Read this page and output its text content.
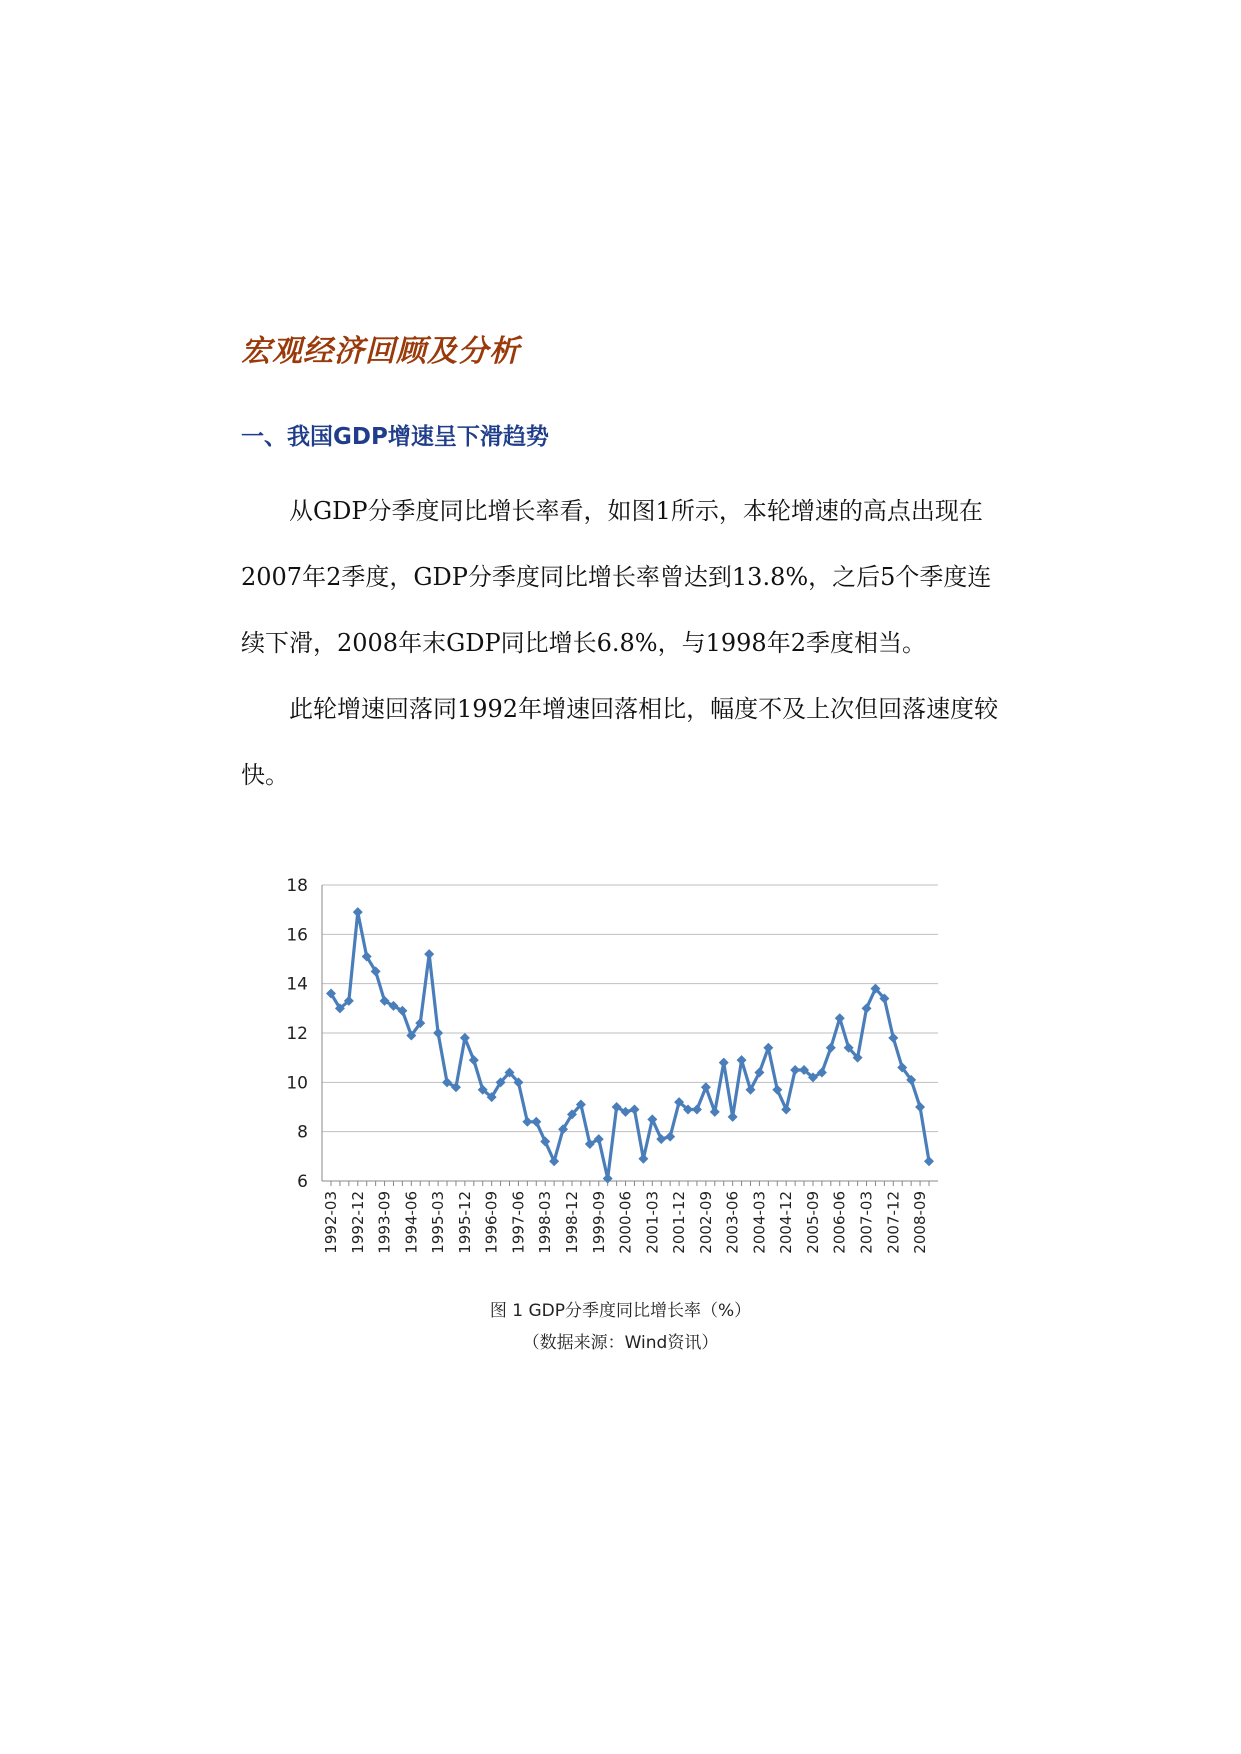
宏观经济回顾及分析
一、我国GDP增速呈下滑趋势

从GDP分季度同比增长率看，如图1所示，本轮增速的高点出现在2007年2季度，GDP分季度同比增长率曾达到13.8%，之后5个季度连续下滑，2008年末GDP同比增长6.8%，与1998年2季度相当。

此轮增速回落同1992年增速回落相比，幅度不及上次但回落速度较快。

6
8
10
12
14
16
18
1992-03 1992-12 1993-09 1994-06 1995-03 1995-12 1996-09 1997-06 1998-03 1998-12 1999-09 2000-06 2001-03 2001-12 2002-09 2003-06 2004-03 2004-12 2005-09 2006-06 2007-03 2007-12 2008-09

图 1 GDP分季度同比增长率（%）

（数据来源：Wind资讯）
